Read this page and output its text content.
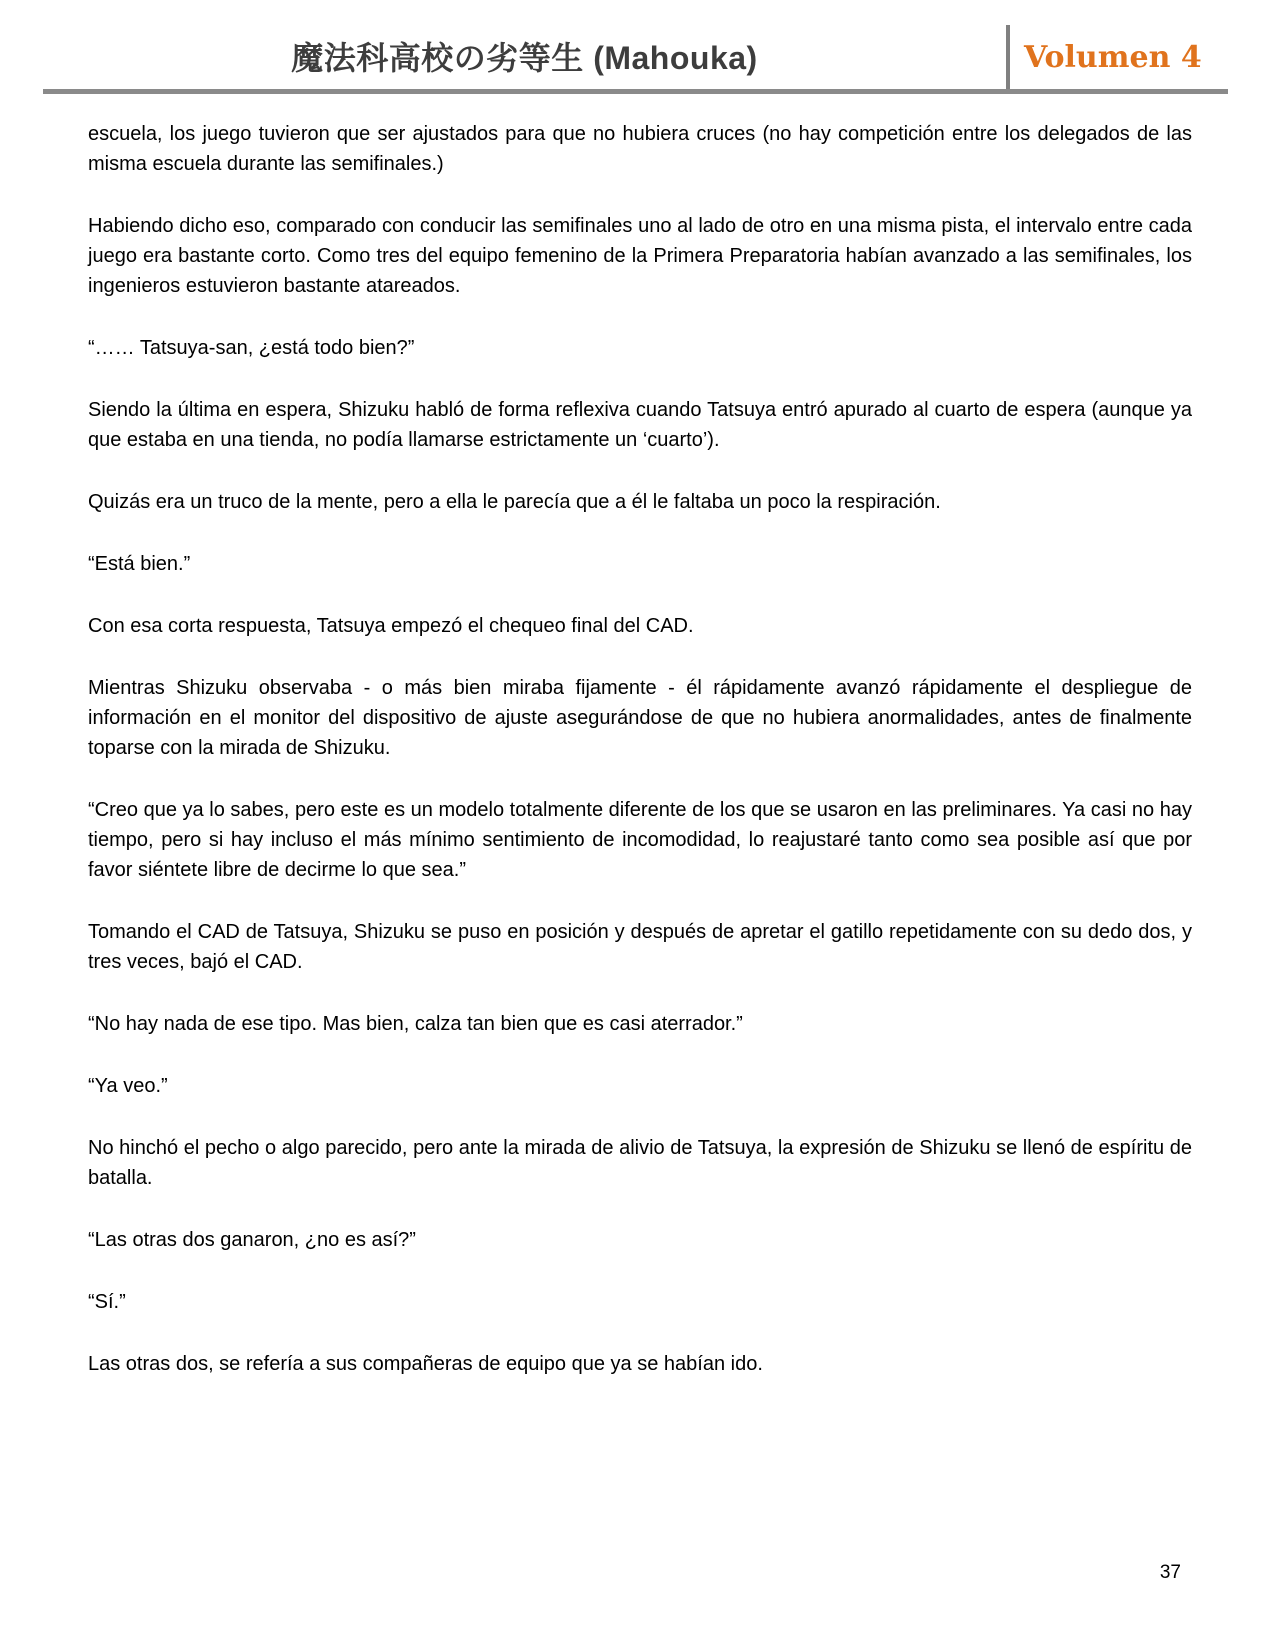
魔法科高校の劣等生 (Mahouka)	Volumen 4

escuela, los juego tuvieron que ser ajustados para que no hubiera cruces (no hay competición entre los delegados de las misma escuela durante las semifinales.)

Habiendo dicho eso, comparado con conducir las semifinales uno al lado de otro en una misma pista, el intervalo entre cada juego era bastante corto. Como tres del equipo femenino de la Primera Preparatoria habían avanzado a las semifinales, los ingenieros estuvieron bastante atareados.

“…… Tatsuya-san, ¿está todo bien?”

Siendo la última en espera, Shizuku habló de forma reflexiva cuando Tatsuya entró apurado al cuarto de espera (aunque ya que estaba en una tienda, no podía llamarse estrictamente un ‘cuarto’).

Quizás era un truco de la mente, pero a ella le parecía que a él le faltaba un poco la respiración.

“Está bien.”

Con esa corta respuesta, Tatsuya empezó el chequeo final del CAD.

Mientras Shizuku observaba - o más bien miraba fijamente - él rápidamente avanzó rápidamente el despliegue de información en el monitor del dispositivo de ajuste asegurándose de que no hubiera anormalidades, antes de finalmente toparse con la mirada de Shizuku.

“Creo que ya lo sabes, pero este es un modelo totalmente diferente de los que se usaron en las preliminares. Ya casi no hay tiempo, pero si hay incluso el más mínimo sentimiento de incomodidad, lo reajustaré tanto como sea posible así que por favor siéntete libre de decirme lo que sea.”

Tomando el CAD de Tatsuya, Shizuku se puso en posición y después de apretar el gatillo repetidamente con su dedo dos, y tres veces, bajó el CAD.

“No hay nada de ese tipo. Mas bien, calza tan bien que es casi aterrador.”

“Ya veo.”

No hinchó el pecho o algo parecido, pero ante la mirada de alivio de Tatsuya, la expresión de Shizuku se llenó de espíritu de batalla.

“Las otras dos ganaron, ¿no es así?”

“Sí.”

Las otras dos, se refería a sus compañeras de equipo que ya se habían ido.

37
